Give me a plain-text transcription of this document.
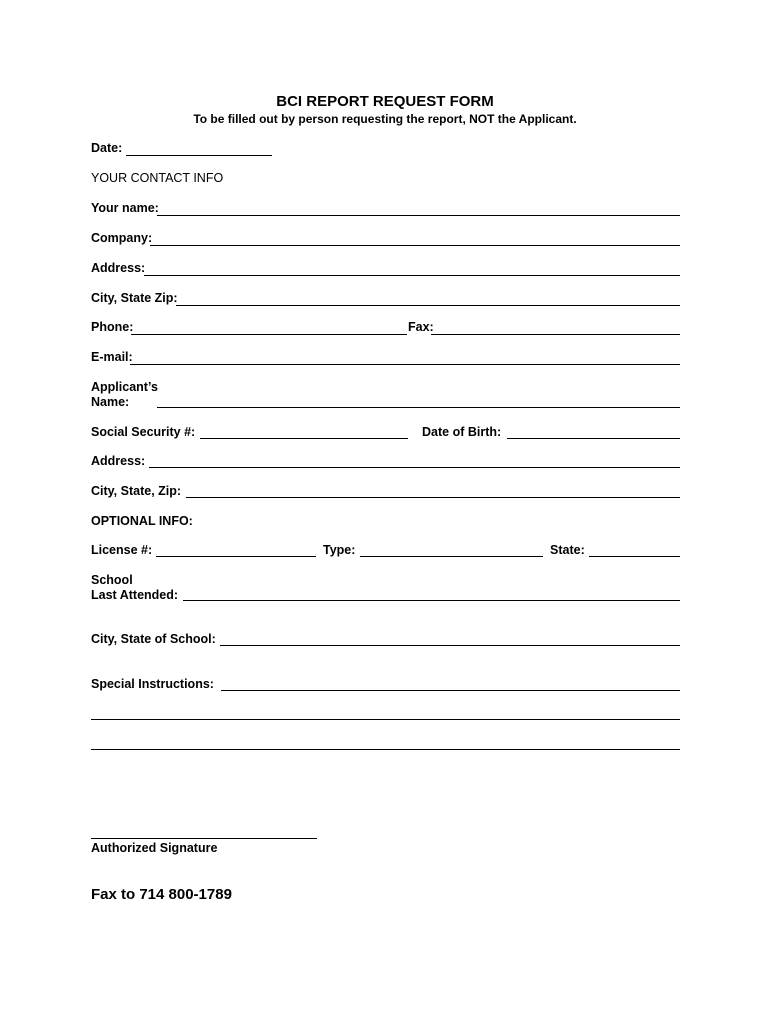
BCI REPORT REQUEST FORM
To be filled out by person requesting the report, NOT the Applicant.
Date:
YOUR CONTACT INFO
Your name:
Company:
Address:
City, State Zip:
Phone:	Fax:
E-mail:
Applicant’s
Name:
Social Security #:	Date of Birth:
Address:
City, State, Zip:
OPTIONAL INFO:
License #:	Type:	State:
School
Last Attended:
City, State of School:
Special Instructions:
Authorized Signature
Fax to 714 800-1789
